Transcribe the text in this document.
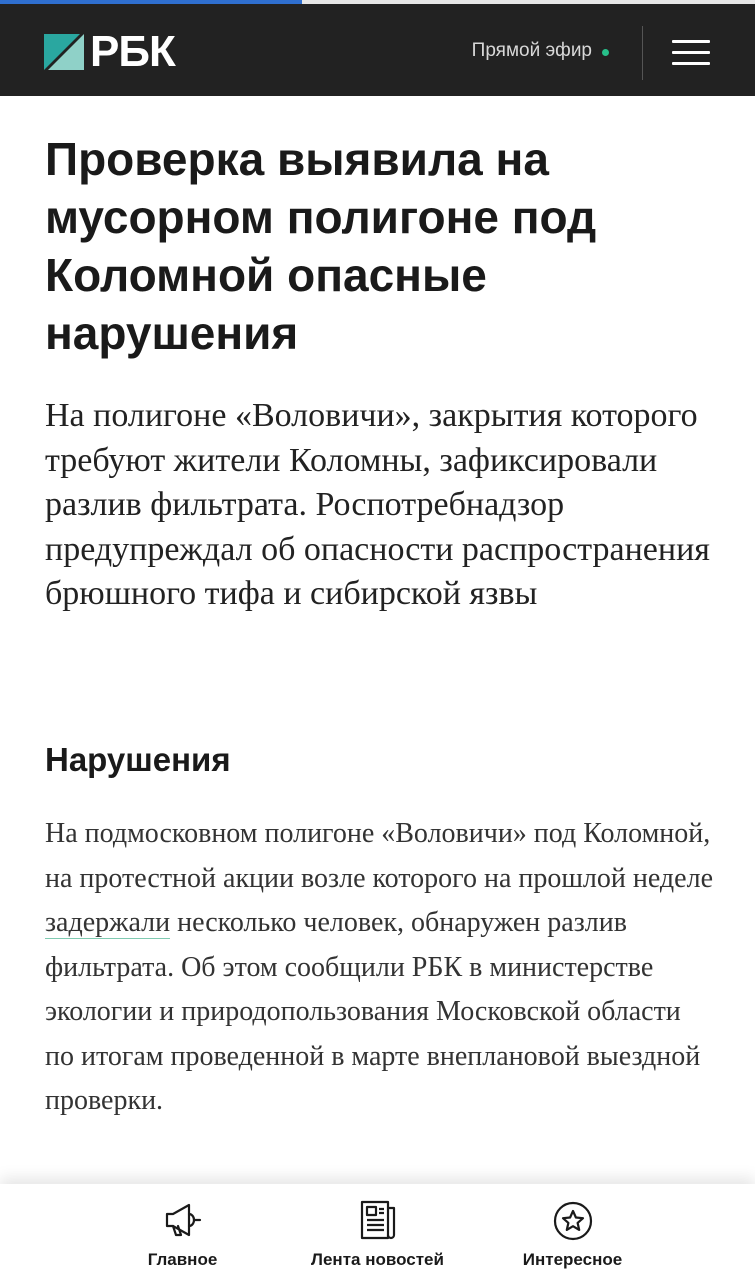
РБК	Прямой эфир
Проверка выявила на мусорном полигоне под Коломной опасные нарушения

На полигоне «Воловичи», закрытия которого требуют жители Коломны, зафиксировали разлив фильтрата. Роспотребнадзор предупреждал об опасности распространения брюшного тифа и сибирской язвы

Нарушения

На подмосковном полигоне «Воловичи» под Коломной, на протестной акции возле которого на прошлой неделе задержали несколько человек, обнаружен разлив фильтрата. Об этом сообщили РБК в министерстве экологии и природопользования Московской области по итогам проведенной в марте внеплановой выездной проверки.

Главное	Лента новостей	Интересное
